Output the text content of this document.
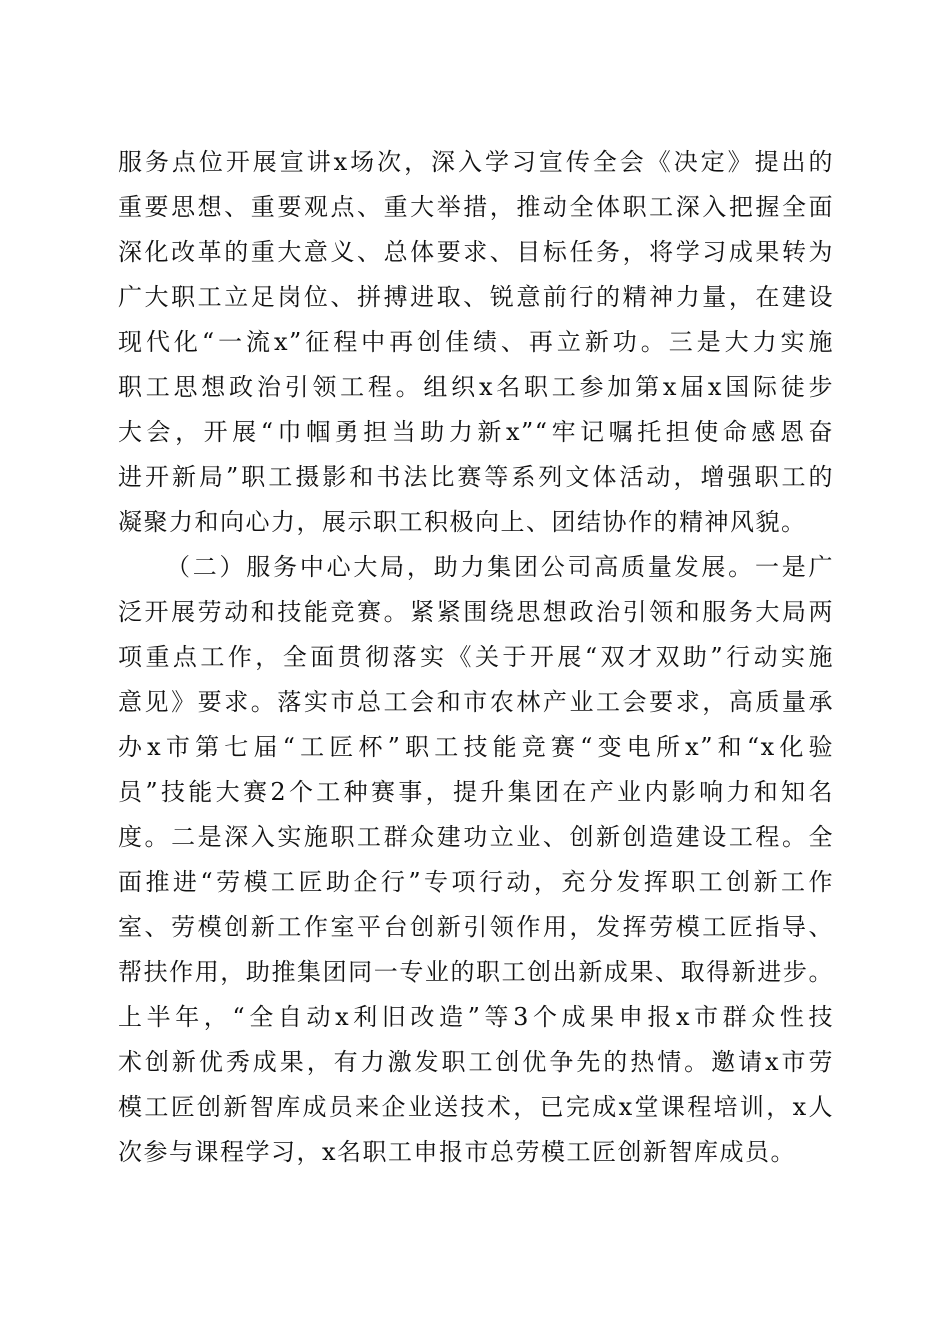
服务点位开展宣讲x场次，深入学习宣传全会《决定》提出的
重要思想、重要观点、重大举措，推动全体职工深入把握全面
深化改革的重大意义、总体要求、目标任务，将学习成果转为
广大职工立足岗位、拼搏进取、锐意前行的精神力量，在建设
现代化“一流x”征程中再创佳绩、再立新功。三是大力实施
职工思想政治引领工程。组织x名职工参加第x届x国际徒步
大会，开展“巾帼勇担当助力新x”“牢记嘱托担使命感恩奋
进开新局”职工摄影和书法比赛等系列文体活动，增强职工的
凝聚力和向心力，展示职工积极向上、团结协作的精神风貌。
（二）服务中心大局，助力集团公司高质量发展。一是广
泛开展劳动和技能竞赛。紧紧围绕思想政治引领和服务大局两
项重点工作，全面贯彻落实《关于开展“双才双助”行动实施
意见》要求。落实市总工会和市农林产业工会要求，高质量承
办x市第七届“工匠杯”职工技能竞赛“变电所x”和“x化验
员”技能大赛2个工种赛事，提升集团在产业内影响力和知名
度。二是深入实施职工群众建功立业、创新创造建设工程。全
面推进“劳模工匠助企行”专项行动，充分发挥职工创新工作
室、劳模创新工作室平台创新引领作用，发挥劳模工匠指导、
帮扶作用，助推集团同一专业的职工创出新成果、取得新进步。
上半年，“全自动x利旧改造”等3个成果申报x市群众性技
术创新优秀成果，有力激发职工创优争先的热情。邀请x市劳
模工匠创新智库成员来企业送技术，已完成x堂课程培训，x人
次参与课程学习，x名职工申报市总劳模工匠创新智库成员。
